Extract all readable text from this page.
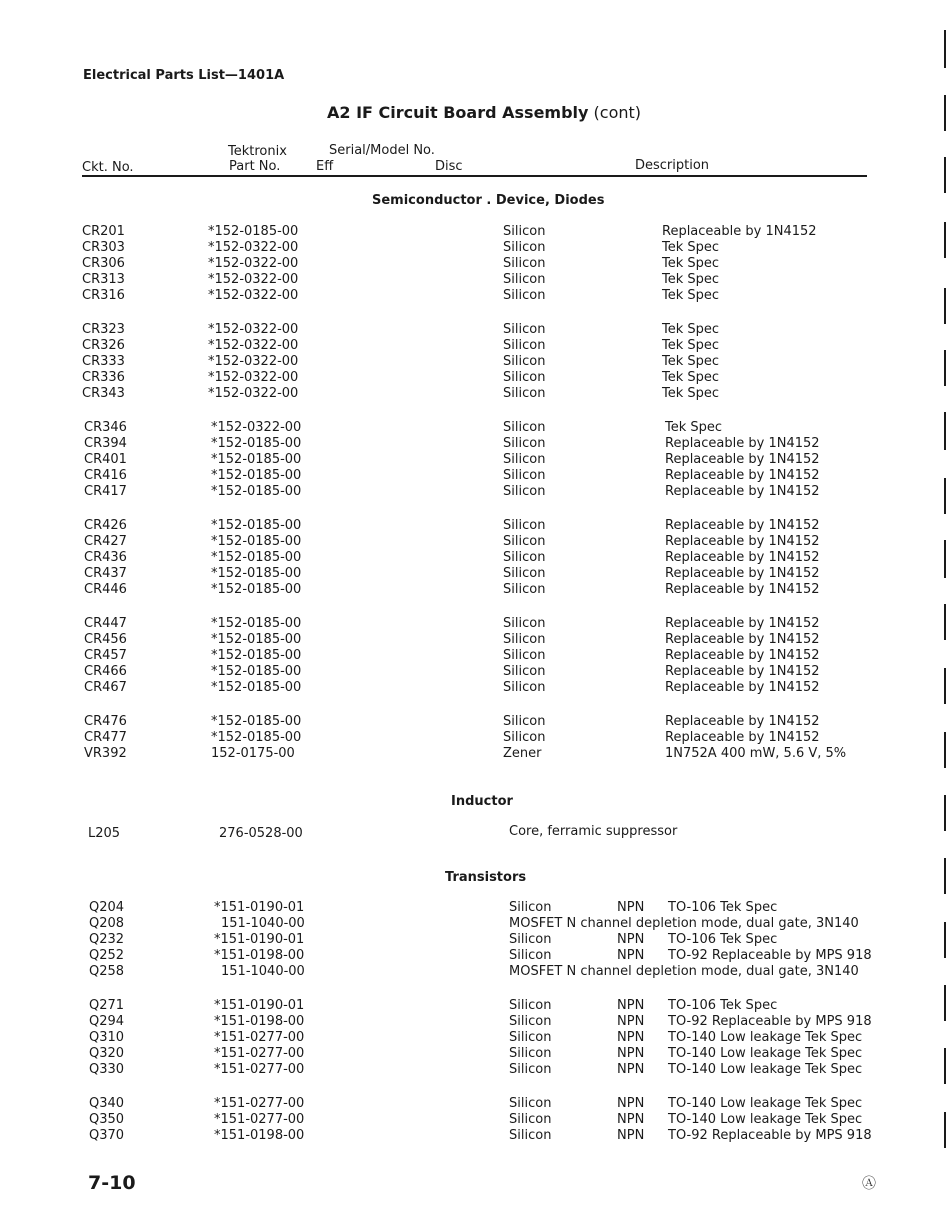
Electrical Parts List—1401A
A2 IF Circuit Board Assembly (cont)
Ckt. No.
Tektronix
Part No.
Serial/Model No.
Eff	Disc	Description
Semiconductor . Device, Diodes
Inductor
Transistors
CR201	*152-0185-00	Silicon	Replaceable by 1N4152
CR303	*152-0322-00	Silicon	Tek Spec
CR306	*152-0322-00	Silicon	Tek Spec
CR313	*152-0322-00	Silicon	Tek Spec
CR316	*152-0322-00	Silicon	Tek Spec
CR323	*152-0322-00	Silicon	Tek Spec
CR326	*152-0322-00	Silicon	Tek Spec
CR333	*152-0322-00	Silicon	Tek Spec
CR336	*152-0322-00	Silicon	Tek Spec
CR343	*152-0322-00	Silicon	Tek Spec
CR346	*152-0322-00	Silicon	Tek Spec
CR394	*152-0185-00	Silicon	Replaceable by 1N4152
CR401	*152-0185-00	Silicon	Replaceable by 1N4152
CR416	*152-0185-00	Silicon	Replaceable by 1N4152
CR417	*152-0185-00	Silicon	Replaceable by 1N4152
CR426	*152-0185-00	Silicon	Replaceable by 1N4152
CR427	*152-0185-00	Silicon	Replaceable by 1N4152
CR436	*152-0185-00	Silicon	Replaceable by 1N4152
CR437	*152-0185-00	Silicon	Replaceable by 1N4152
CR446	*152-0185-00	Silicon	Replaceable by 1N4152
CR447	*152-0185-00	Silicon	Replaceable by 1N4152
CR456	*152-0185-00	Silicon	Replaceable by 1N4152
CR457	*152-0185-00	Silicon	Replaceable by 1N4152
CR466	*152-0185-00	Silicon	Replaceable by 1N4152
CR467	*152-0185-00	Silicon	Replaceable by 1N4152
CR476	*152-0185-00	Silicon	Replaceable by 1N4152
CR477	*152-0185-00	Silicon	Replaceable by 1N4152
VR392	152-0175-00	Zener	1N752A 400 mW, 5.6 V, 5%
L205	276-0528-00	Core, ferramic suppressor
Q204	*151-0190-01	Silicon	NPN TO-106 Tek Spec
Q208	151-1040-00	MOSFET N channel depletion mode, dual gate, 3N140
Q232	*151-0190-01	Silicon	NPN TO-106 Tek Spec
Q252	*151-0198-00	Silicon	NPN TO-92 Replaceable by MPS 918
Q258	151-1040-00	MOSFET N channel depletion mode, dual gate, 3N140
Q271	*151-0190-01	Silicon	NPN TO-106 Tek Spec
Q294	*151-0198-00	Silicon	NPN TO-92 Replaceable by MPS 918
Q310	*151-0277-00	Silicon	NPN TO-140 Low leakage Tek Spec
Q320	*151-0277-00	Silicon	NPN TO-140 Low leakage Tek Spec
Q330	*151-0277-00	Silicon	NPN TO-140 Low leakage Tek Spec
Q340	*151-0277-00	Silicon	NPN TO-140 Low leakage Tek Spec
Q350	*151-0277-00	Silicon	NPN TO-140 Low leakage Tek Spec
Q370	*151-0198-00	Silicon	NPN TO-92 Replaceable by MPS 918
7-10	Ⓐ
